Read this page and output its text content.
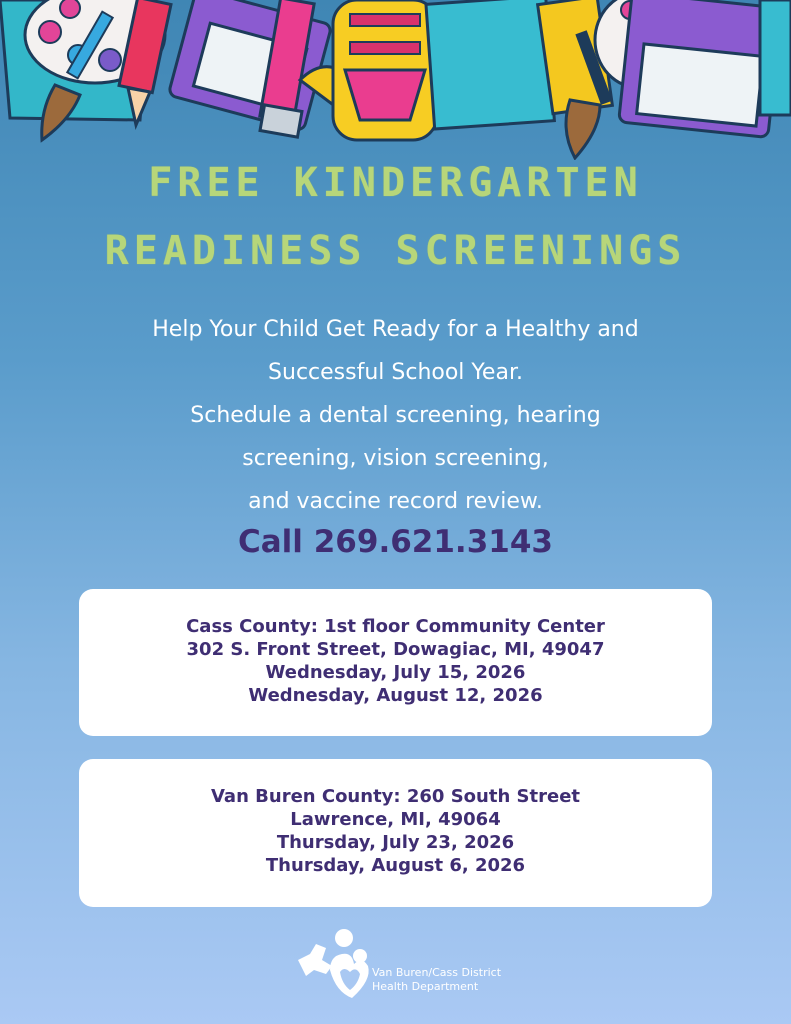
FREE KINDERGARTEN
READINESS SCREENINGS
Help Your Child Get Ready for a Healthy and
Successful School Year.
Schedule a dental screening, hearing
screening, vision screening,
and vaccine record review.
Call 269.621.3143
Cass County: 1st floor Community Center
302 S. Front Street, Dowagiac, MI, 49047
Wednesday, July 15, 2026
Wednesday, August 12, 2026
Van Buren County: 260 South Street
Lawrence, MI, 49064
Thursday, July 23, 2026
Thursday, August 6, 2026
Van Buren/Cass District
Health Department
